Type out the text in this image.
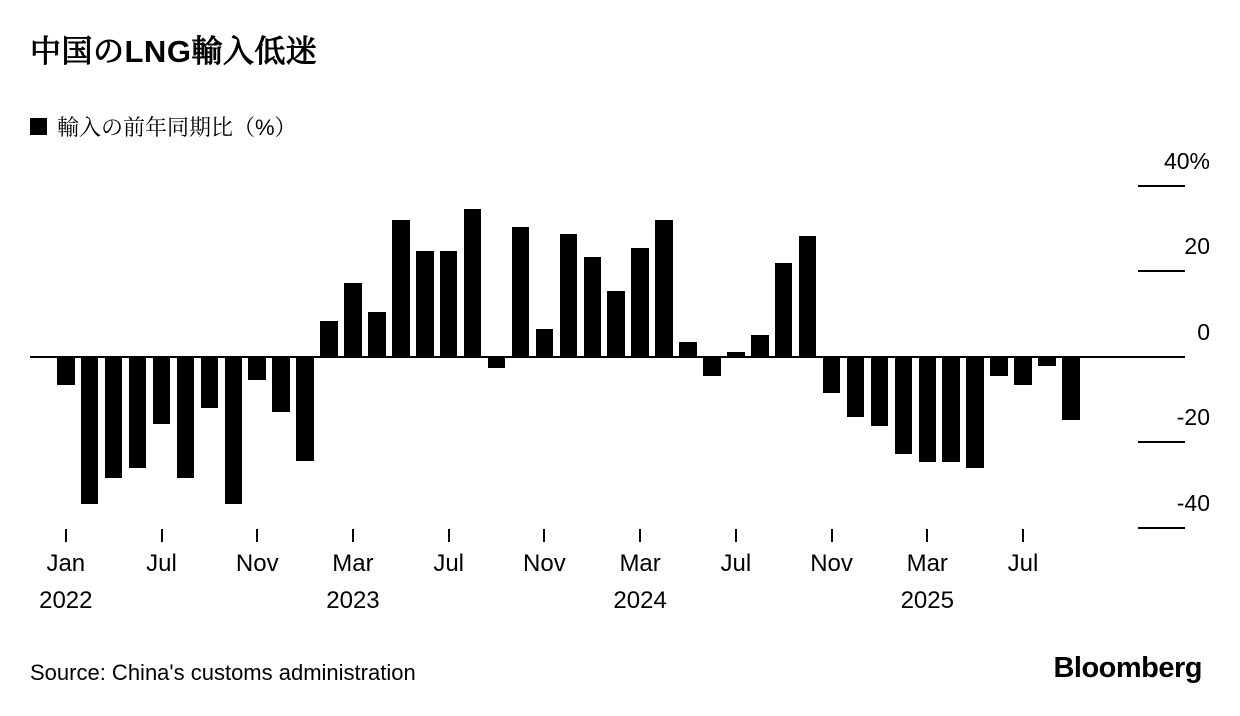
中国のLNG輸入低迷
輸入の前年同期比（%）
40%
20
0
-20
-40
Jan
2022
Jul	Nov	Mar
2023
Jul	Nov	Mar
2024
Jul	Nov	Mar
2025
Jul
Source: China's customs administration	Bloomberg
